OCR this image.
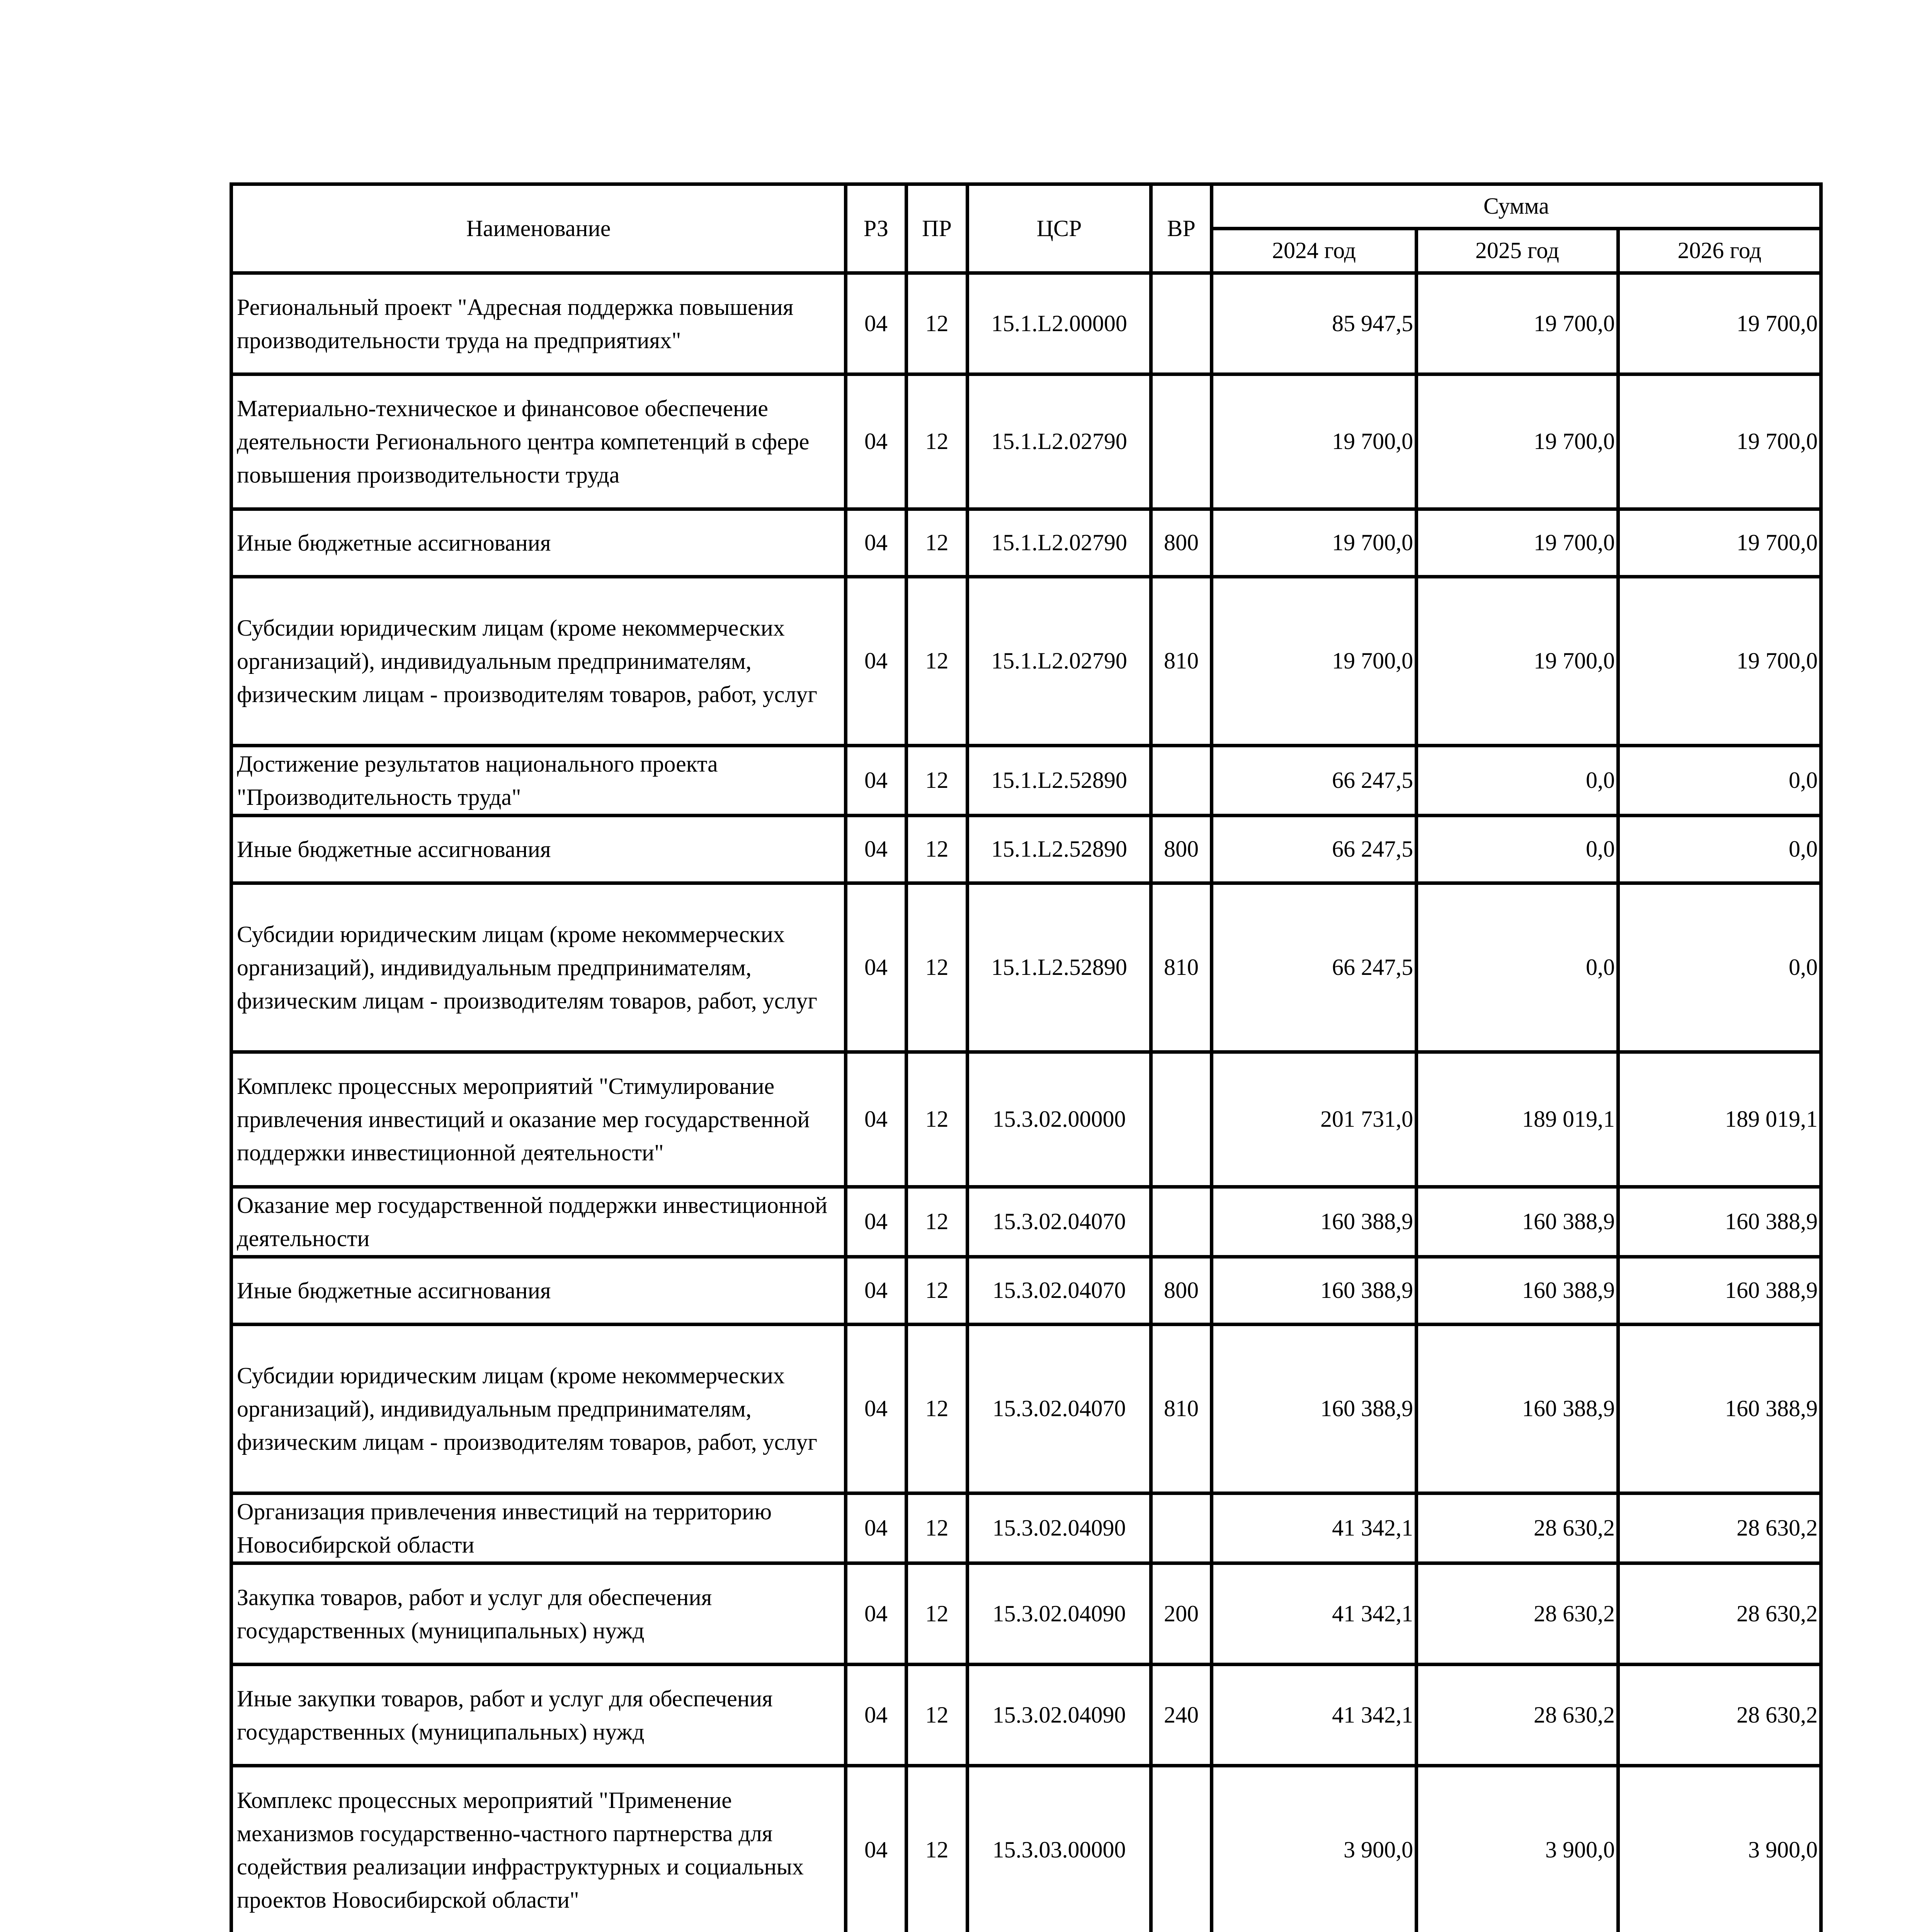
Наименование	РЗ	ПР	ЦСР	ВР	Сумма		
					2024 год	2025 год	2026 год
Региональный проект "Адресная поддержка повышения производительности труда на предприятиях"	04	12	15.1.L2.00000		85 947,5	19 700,0	19 700,0
Материально-техническое и финансовое обеспечение деятельности Регионального центра компетенций в сфере повышения производительности труда	04	12	15.1.L2.02790		19 700,0	19 700,0	19 700,0
Иные бюджетные ассигнования	04	12	15.1.L2.02790	800	19 700,0	19 700,0	19 700,0
Субсидии юридическим лицам (кроме некоммерческих организаций), индивидуальным предпринимателям, физическим лицам - производителям товаров, работ, услуг	04	12	15.1.L2.02790	810	19 700,0	19 700,0	19 700,0
Достижение результатов национального проекта "Производительность труда"	04	12	15.1.L2.52890		66 247,5	0,0	0,0
Иные бюджетные ассигнования	04	12	15.1.L2.52890	800	66 247,5	0,0	0,0
Субсидии юридическим лицам (кроме некоммерческих организаций), индивидуальным предпринимателям, физическим лицам - производителям товаров, работ, услуг	04	12	15.1.L2.52890	810	66 247,5	0,0	0,0
Комплекс процессных мероприятий "Стимулирование привлечения инвестиций и оказание мер государственной поддержки инвестиционной деятельности"	04	12	15.3.02.00000		201 731,0	189 019,1	189 019,1
Оказание мер государственной поддержки инвестиционной деятельности	04	12	15.3.02.04070		160 388,9	160 388,9	160 388,9
Иные бюджетные ассигнования	04	12	15.3.02.04070	800	160 388,9	160 388,9	160 388,9
Субсидии юридическим лицам (кроме некоммерческих организаций), индивидуальным предпринимателям, физическим лицам - производителям товаров, работ, услуг	04	12	15.3.02.04070	810	160 388,9	160 388,9	160 388,9
Организация привлечения инвестиций на территорию Новосибирской области	04	12	15.3.02.04090		41 342,1	28 630,2	28 630,2
Закупка товаров, работ и услуг для обеспечения государственных (муниципальных) нужд	04	12	15.3.02.04090	200	41 342,1	28 630,2	28 630,2
Иные закупки товаров, работ и услуг для обеспечения государственных (муниципальных) нужд	04	12	15.3.02.04090	240	41 342,1	28 630,2	28 630,2
Комплекс процессных мероприятий "Применение механизмов государственно-частного партнерства для содействия реализации инфраструктурных и социальных проектов Новосибирской области"	04	12	15.3.03.00000		3 900,0	3 900,0	3 900,0
